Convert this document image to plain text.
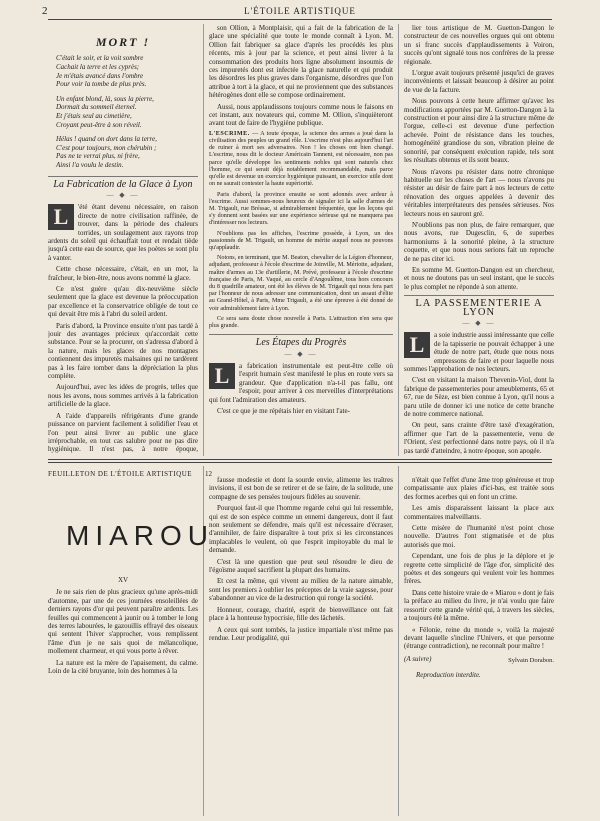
2	L'ÉTOILE ARTISTIQUE
MORT !

C'était le soir, et la voit sombre
Cachait la terre et les cyprès;
Je m'étais avancé dans l'ombre
Pour voir la tombe de plus près.

Un enfant blond, là, sous la pierre,
Dormait du sommeil éternel.
Et j'étais seul au cimetière,
Croyant peut-être à son réveil.

Hélas ! quand on dort dans la terre,
C'est pour toujours, mon chérubin ;
Pas ne te verrai plus, ni frère,
Ainsi l'a voulu le destin.

La Fabrication de la Glace à Lyon
— ◆ —
L	'été étant devenu nécessaire, en raison directe de notre civilisation raffinée, de trouver, dans la période des chaleurs torrides, un soulagement aux rayons trop ardents du soleil qui échauffait tout et rendait tiède jusqu'à cette eau de source, que les poètes se sont plu à vanter.

Cette chose nécessaire, c'était, en un mot, la fraîcheur, le bien-être, nous avons nommé la glace.

Ce n'est guère qu'au dix-neuvième siècle seulement que la glace est devenue la préoccupation par excellence et la conservatrice obligée de tout ce qui devait être mis à l'abri du soleil ardent.

Paris d'abord, la Province ensuite n'ont pas tardé à jouir des avantages précieux qu'accordait cette substance. Pour se la procurer, on s'adressa d'abord à la nature, mais les glaces de nos montagnes contiennent des impuretés malsaines qui ne tardèrent pas à les faire tomber dans la dépréciation la plus complète.

Aujourd'hui, avec les idées de progrès, telles que nous les avons, nous sommes arrivés à la fabrication artificielle de la glace.

A l'aide d'appareils réfrigérants d'une grande puissance on parvient facilement à solidifier l'eau et l'on peut ainsi livrer au public une glace irréprochable, en tout cas salubre pour ne pas dire hygiénique. Il n'est pas, à notre époque,

son Ollion, à Montplaisir, qui a fait de la fabrication de la glace une spécialité que toute le monde connaît à Lyon. M. Ollion fait fabriquer sa glace d'après les procédés les plus récents, mis à jour par la science, et peut ainsi livrer à la consommation des produits hors ligne absolument insoumis de ces impuretés dont est infectée la glace naturelle et qui produit les désordres les plus graves dans l'organisme, désordres que l'on attribue à tort à la glace, et qui ne proviennent que des substances hétérogènes dont elle se compose ordinairement.

Aussi, nous applaudissons toujours comme nous le faisons en cet instant, aux novateurs qui, comme M. Ollion, s'inquièteront avant tout de faire de l'hygiène publique.

L'ESCRIME. — A toute époque, la science des armes a joué dans la civilisation des peuples un grand rôle. L'escrime n'est plus aujourd'hui l'art de ruiner à mort ses adversaires. Non ! les choses ont bien changé. L'escrime, nous dit le docteur Américain Tannent, est nécessaire, non pas parce qu'elle développe les sentiments nobles qui sont naturels chez l'homme, ce qui serait déjà notablement recommandable, mais parce qu'elle est devenue un exercice hygiénique puissant, un exercice utile dont on ne saurait contester la haute supériorité.

Paris d'abord, la province ensuite se sont adonnés avec ardeur à l'escrime. Aussi sommes-nous heureux de signaler ici la salle d'armes de M. Trigault, rue Bréssac, si admirablement fréquentée, que les leçons qui s'y donnent sont basées sur une expérience sérieuse qui ne manquera pas d'intéresser nos lecteurs.

N'oublions pas les affiches, l'escrime possède, à Lyon, un des passionnés de M. Trigault, un homme de mérite auquel nous ne pouvons qu'applaudir.

Notons, en terminant, que M. Beaton, chevalier de la Légion d'honneur, adjudant, professeur à l'école d'escrime de Joinville, M. Mériotte, adjudant, maître d'armes au 13e d'artillerie, M. Prévé, professeur à l'école d'escrime française de Paris, M. Vaqué, au cercle d'Angoulême, tous hors concours du 8 quadrille amateur, ont été les élèves de M. Trigault qui nous fera part par l'honneur de nous adresser une communication, dont un assaut d'élite au Grand-Hôtel, à Paris, Mme Trigault, a été une épreuve à été donné de voir admirablement faire à Lyon.

Ce sera sans doute chose nouvelle à Paris. L'attraction n'en sera que plus grande.

Les Étapes du Progrès
— ◆ —
L	a fabrication instrumentale est peut-être celle où l'esprit humain s'est manifesté le plus en route vers sa grandeur. Que d'application n'a-t-il pas fallu, ont l'espoir, pour arriver à ces merveilles d'interprétations qui font l'admiration des amateurs.

C'est ce que je me répétais hier en visitant l'ate-

lier tous artistique de M. Guetton-Dangon le constructeur de ces nouvelles orgues qui ont obtenu un si franc succès d'applaudissements à Voiron, succès qu'ont signalé tous nos confrères de la presse régionale.

L'orgue avait toujours présenté jusqu'ici de graves inconvénients et laissait beaucoup à désirer au point de vue de la facture.

Nous pouvons à cette heure affirmer qu'avec les modifications apportées par M. Guetton-Dangon à la construction et pour ainsi dire à la structure même de l'orgue, celle-ci est devenue d'une perfection achevée. Point de résistance dans les touches, homogénéité grandiose du son, vibration pleine de sonorité, par conséquent exécution rapide, tels sont les résultats obtenus et ils sont beaux.

Nous n'avons pu résister dans notre chronique habituelle sur les choses de l'art — nous n'avons pu résister au désir de faire part à nos lecteurs de cette rénovation des orgues appelées à devenir des véritables interprétateurs des pensées sérieuses. Nos lecteurs nous en sauront gré.

N'oublions pas non plus, de faire remarquer, que nous avons, rue Dugesclin, 6, de superbes harmoniums à la sonorité pleine, à la structure coquette, et que nous nous serions fait un reproche de ne pas citer ici.

En somme M. Guetton-Dangon est un chercheur, et nous ne doutons pas un seul instant, que le succès le plus complet ne réponde à son attente.

LA PASSEMENTERIE A LYON
— ◆ —
L	a soie industrie aussi intéressante que celle de la tapisserie ne pouvait échapper à une étude de notre part, étude que nous nous empressons de faire et pour laquelle nous sommes l'approbation de nos lecteurs.

C'est en visitant la maison Thevenin-Viol, dont la fabrique de passementeries pour ameublements, 65 et 67, rue de Sèze, est bien connue à Lyon, qu'il nous a paru utile de donner ici une notice de cette branche de notre commerce national.

On peut, sans crainte d'être taxé d'exagération, affirmer que l'art de la passementerie, venu de l'Orient, s'est perfectionné dans notre pays, où il n'a pas tardé d'atteindre, à notre époque, son apogée.

FEUILLETON DE L'ÉTOILE ARTISTIQUE 12
MIAROU
XV

Je ne sais rien de plus gracieux qu'une après-midi d'automne, par une de ces journées ensoleillées de derniers rayons d'or qui peuvent paraître ardents. Les feuilles qui commencent à jaunir ou à tomber le long des terres labourées, le gazouillis effrayé des oiseaux qui sentent l'hiver s'approcher, vous remplissent l'âme d'un je ne sais quoi de mélancolique, mollement charmeur, et qui vous porte à rêver.

La nature est la mère de l'apaisement, du calme. Loin de la cité bruyante, loin des hommes à la

fausse modestie et dont la sourde envie, alimente les traîtres invisions, il est bon de se retirer et de se faire, de la solitude, une compagne de ses pensées toujours fidèles au souvenir.

Pourquoi faut-il que l'homme regarde celui qui lui ressemble, qui est de son espèce comme un ennemi dangereux, dont il faut non seulement se défendre, mais qu'il est nécessaire d'écraser, d'annihiler, de faire disparaître à tout prix si les circonstances implacables le veulent, où que l'esprit impitoyable du mal le demande.

C'est là une question que peut seul résoudre le dieu de l'égoïsme auquel sacrifient la plupart des humains.

Et cest la même, qui vivent au milieu de la nature aimable, sont les premiers à oublier les préceptes de la vraie sagesse, pour s'abandonner au vice de la destruction qui ronge la société.

Honneur, courage, charité, esprit de bienveillance ont fait place à la honteuse hypocrisie, fille des lâchetés.

A ceux qui sont tombés, la justice impartiale n'est même pas rendue. Leur prodigalité, qui

n'était que l'effet d'une âme trop généreuse et trop compatissante aux plaies d'ici-bas, est traitée sous des formes acerbes qui en font un crime.

Les amis disparaissent laissant la place aux commentaires malveillants.

Cette misère de l'humanité n'est point chose nouvelle. D'autres l'ont stigmatisée et de plus autorisés que moi.

Cependant, une fois de plus je la déplore et je regrette cette simplicité de l'âge d'or, simplicité des poètes et des songeurs qui veulent voir les hommes frères.

Dans cette histoire vraie de « Miarou » dont je fais la préface au milieu du livre, je n'ai voulu que faire ressortir cette grande vérité qui, à travers les siècles, a toujours été la même.

« Félonie, reine du monde », voilà la majesté devant laquelle s'incline l'Univers, et que personne (étrange contradiction), ne reconnaît pour maître !

(A suivre)	Sylvain Dorabon.
Reproduction interdite.
